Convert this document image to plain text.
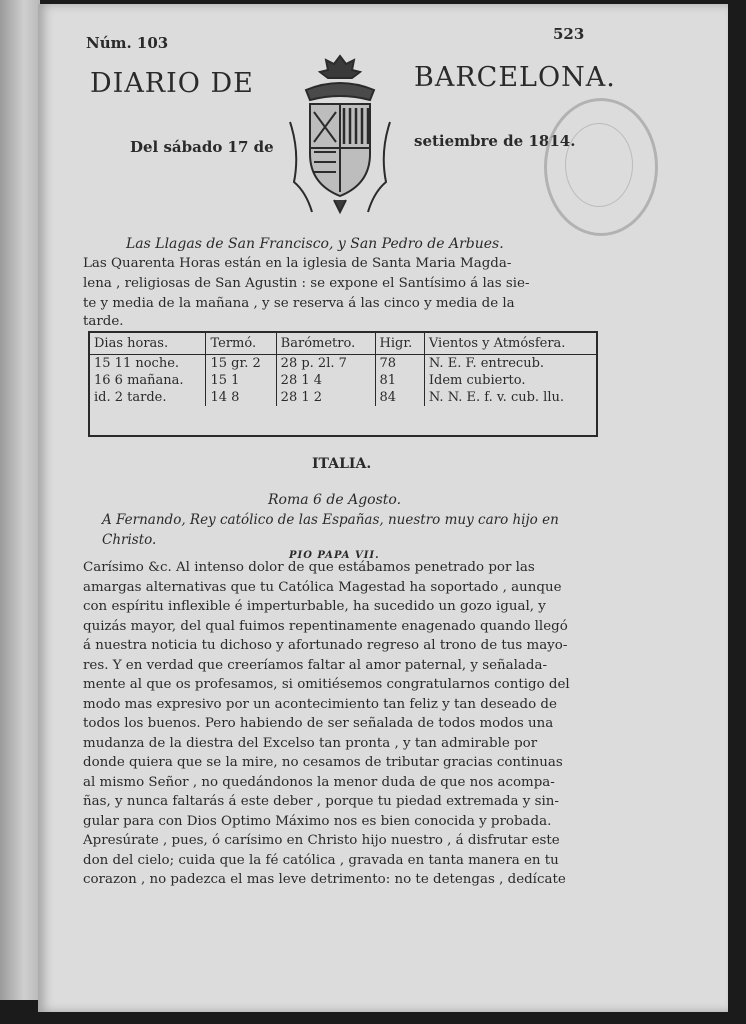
Núm. 103	523
DIARIO DE	BARCELONA.
Del sábado 17 de	setiembre de 1814.
Las Llagas de San Francisco, y San Pedro de Arbues.
Las Quarenta Horas están en la iglesia de Santa Maria Magda-
lena , religiosas de San Agustin : se expone el Santísimo á las sie-
te y media de la mañana , y se reserva á las cinco y media de la
tarde.
Dias horas.	Termó.	Barómetro.	Higr.	Vientos y Atmósfera.
15 11 noche.	15 gr. 2	28 p. 2l. 7	78	N. E. F. entrecub.
16 6 mañana.	15 1	28 1 4	81	Idem cubierto.
id. 2 tarde.	14 8	28 1 2	84	N. N. E. f. v. cub. llu.
ITALIA.
Roma 6 de Agosto.
A Fernando, Rey católico de las Españas, nuestro muy caro hijo en Christo.
PIO PAPA VII.
Carísimo &c. Al intenso dolor de que estábamos penetrado por las
amargas alternativas que tu Católica Magestad ha soportado , aunque
con espíritu inflexible é imperturbable, ha sucedido un gozo igual, y
quizás mayor, del qual fuimos repentinamente enagenado quando llegó
á nuestra noticia tu dichoso y afortunado regreso al trono de tus mayo-
res. Y en verdad que creeríamos faltar al amor paternal, y señalada-
mente al que os profesamos, si omitiésemos congratularnos contigo del
modo mas expresivo por un acontecimiento tan feliz y tan deseado de
todos los buenos. Pero habiendo de ser señalada de todos modos una
mudanza de la diestra del Excelso tan pronta , y tan admirable por
donde quiera que se la mire, no cesamos de tributar gracias continuas
al mismo Señor , no quedándonos la menor duda de que nos acompa-
ñas, y nunca faltarás á este deber , porque tu piedad extremada y sin-
gular para con Dios Optimo Máximo nos es bien conocida y probada.
Apresúrate , pues, ó carísimo en Christo hijo nuestro , á disfrutar este
don del cielo; cuida que la fé católica , gravada en tanta manera en tu
corazon , no padezca el mas leve detrimento: no te detengas , dedícate
